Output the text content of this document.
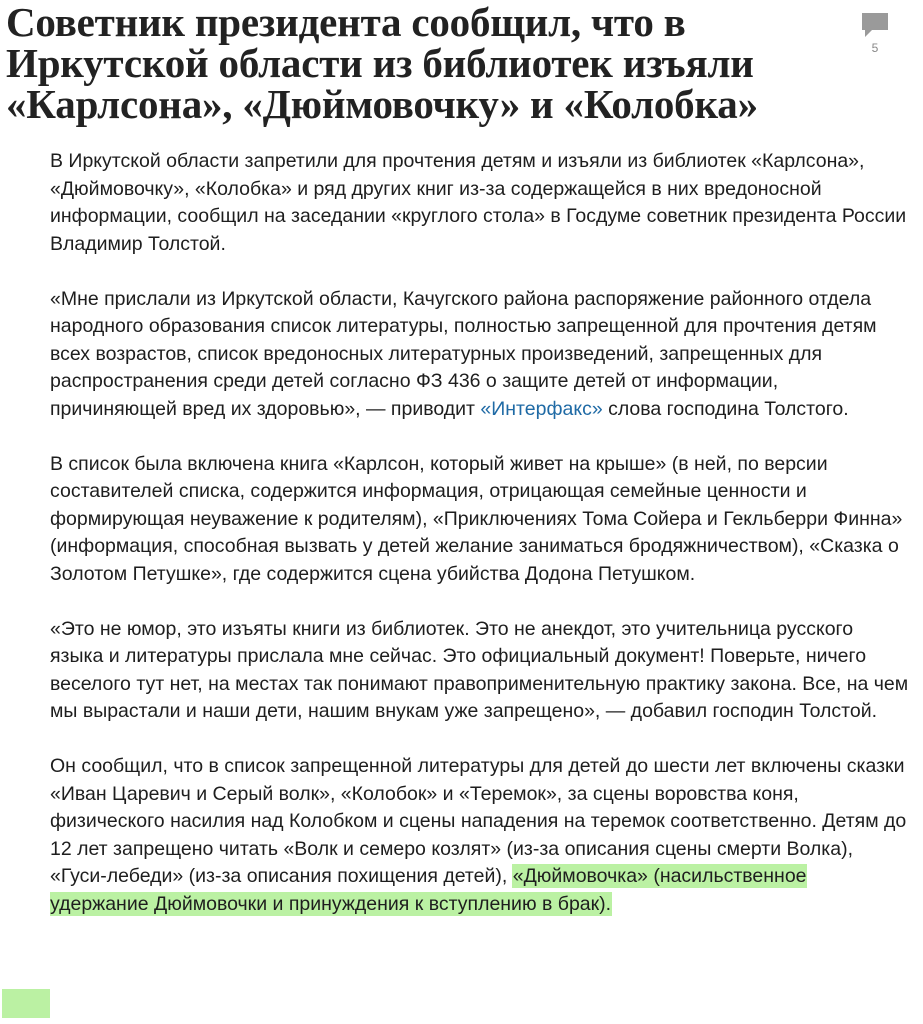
Советник президента сообщил, что в Иркутской области из библиотек изъяли «Карлсона», «Дюймовочку» и «Колобка»
5

В Иркутской области запретили для прочтения детям и изъяли из библиотек «Карлсона», «Дюймовочку», «Колобка» и ряд других книг из-за содержащейся в них вредоносной информации, сообщил на заседании «круглого стола» в Госдуме советник президента России Владимир Толстой.

«Мне прислали из Иркутской области, Качугского района распоряжение районного отдела народного образования список литературы, полностью запрещенной для прочтения детям всех возрастов, список вредоносных литературных произведений, запрещенных для распространения среди детей согласно ФЗ 436 о защите детей от информации, причиняющей вред их здоровью», — приводит «Интерфакс» слова господина Толстого.

В список была включена книга «Карлсон, который живет на крыше» (в ней, по версии составителей списка, содержится информация, отрицающая семейные ценности и формирующая неуважение к родителям), «Приключениях Тома Сойера и Гекльберри Финна» (информация, способная вызвать у детей желание заниматься бродяжничеством), «Сказка о Золотом Петушке», где содержится сцена убийства Додона Петушком.

«Это не юмор, это изъяты книги из библиотек. Это не анекдот, это учительница русского языка и литературы прислала мне сейчас. Это официальный документ! Поверьте, ничего веселого тут нет, на местах так понимают правоприменительную практику закона. Все, на чем мы вырастали и наши дети, нашим внукам уже запрещено», — добавил господин Толстой.

Он сообщил, что в список запрещенной литературы для детей до шести лет включены сказки «Иван Царевич и Серый волк», «Колобок» и «Теремок», за сцены воровства коня, физического насилия над Колобком и сцены нападения на теремок соответственно. Детям до 12 лет запрещено читать «Волк и семеро козлят» (из-за описания сцены смерти Волка), «Гуси-лебеди» (из-за описания похищения детей), «Дюймовочка» (насильственное удержание Дюймовочки и принуждения к вступлению в брак).
